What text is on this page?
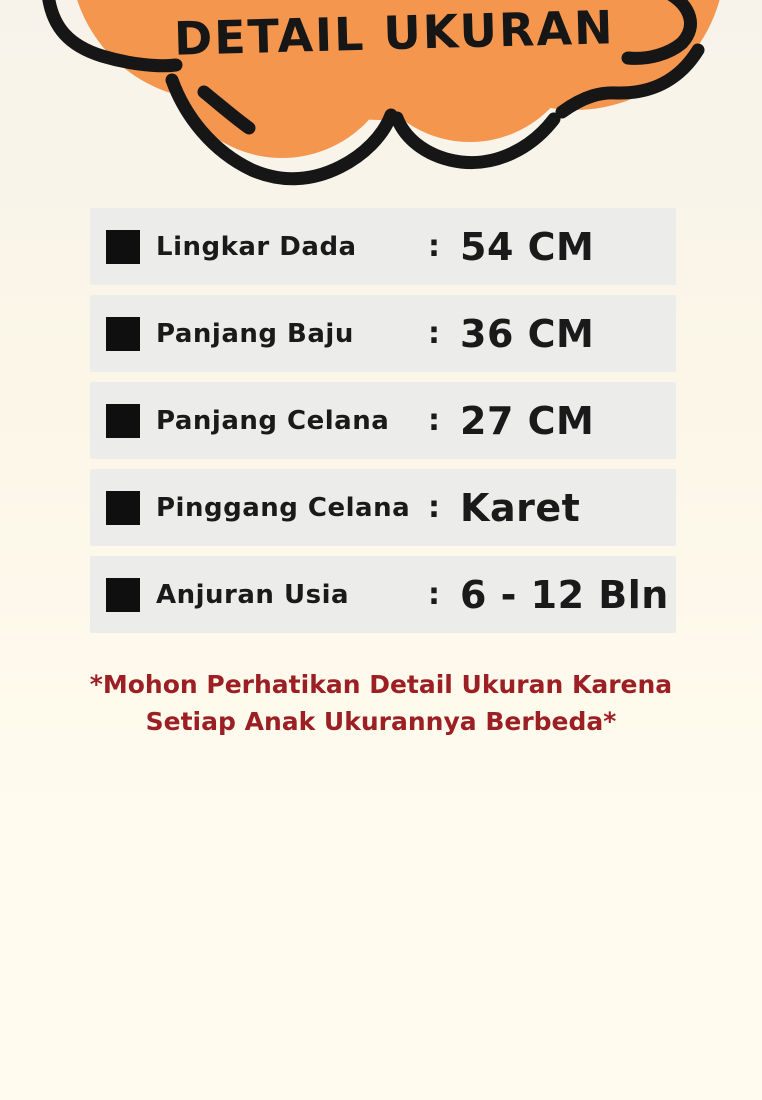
DETAIL UKURAN
Lingkar Dada	: 54 CM
Panjang Baju	: 36 CM
Panjang Celana	: 27 CM
Pinggang Celana : Karet
Anjuran Usia	: 6 - 12 Bln
*Mohon Perhatikan Detail Ukuran Karena
Setiap Anak Ukurannya Berbeda*
